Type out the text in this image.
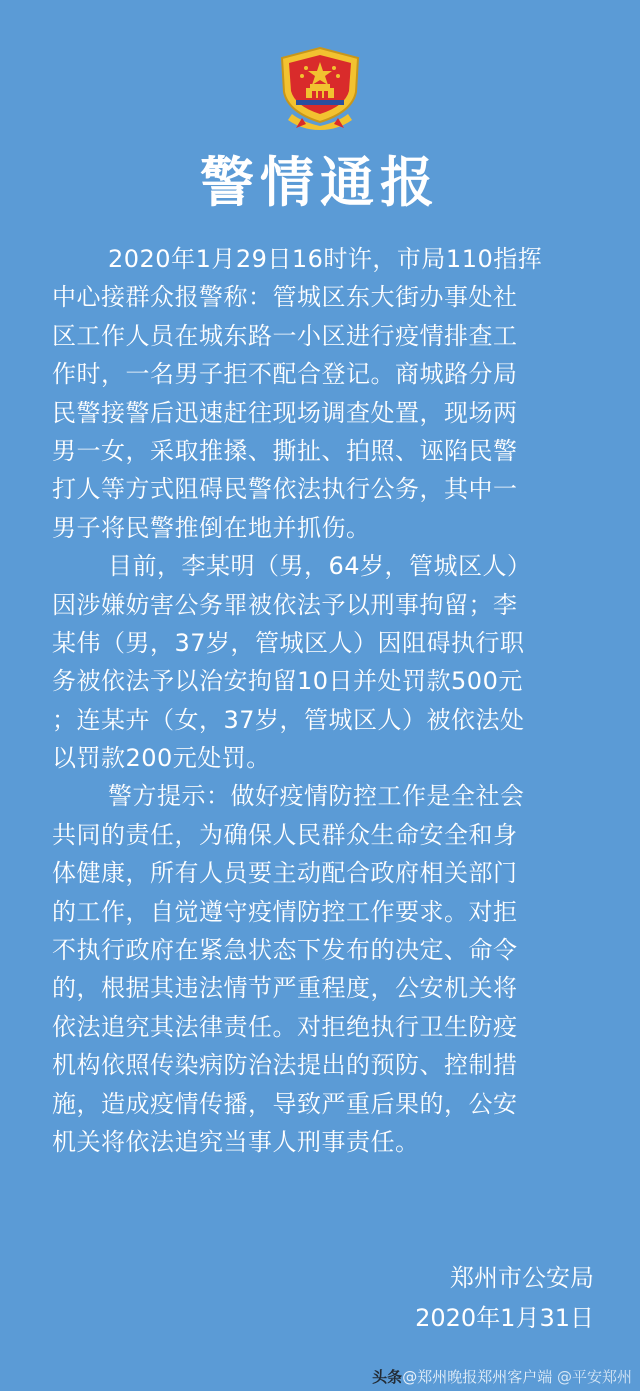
警情通报
2020年1月29日16时许，市局110指挥
中心接群众报警称：管城区东大街办事处社
区工作人员在城东路一小区进行疫情排查工
作时，一名男子拒不配合登记。商城路分局
民警接警后迅速赶往现场调查处置，现场两
男一女，采取推搡、撕扯、拍照、诬陷民警
打人等方式阻碍民警依法执行公务，其中一
男子将民警推倒在地并抓伤。
目前，李某明（男，64岁，管城区人）
因涉嫌妨害公务罪被依法予以刑事拘留；李
某伟（男，37岁，管城区人）因阻碍执行职
务被依法予以治安拘留10日并处罚款500元
；连某卉（女，37岁，管城区人）被依法处
以罚款200元处罚。
警方提示：做好疫情防控工作是全社会
共同的责任，为确保人民群众生命安全和身
体健康，所有人员要主动配合政府相关部门
的工作，自觉遵守疫情防控工作要求。对拒
不执行政府在紧急状态下发布的决定、命令
的，根据其违法情节严重程度，公安机关将
依法追究其法律责任。对拒绝执行卫生防疫
机构依照传染病防治法提出的预防、控制措
施，造成疫情传播，导致严重后果的，公安
机关将依法追究当事人刑事责任。
郑州市公安局
2020年1月31日
头条@郑州晚报郑州客户端 @平安郑州
